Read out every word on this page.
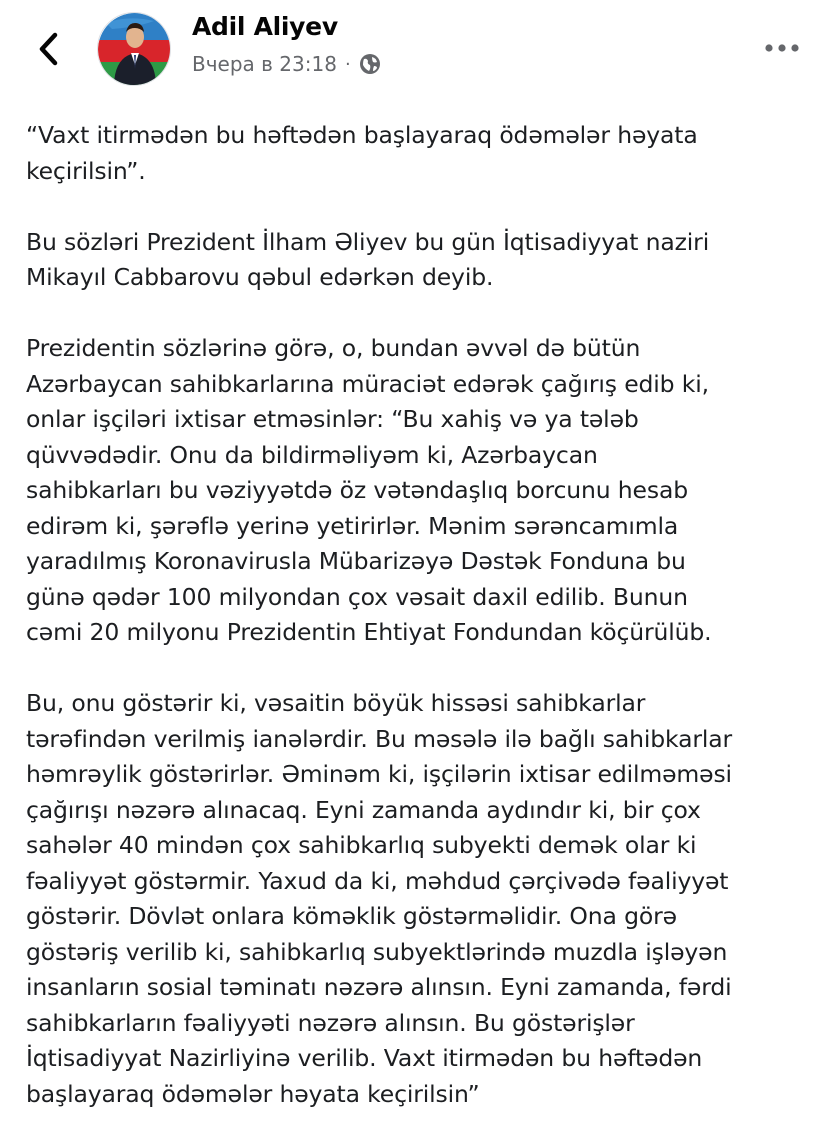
Adil Aliyev
Вчера в 23:18 ·
“Vaxt itirmədən bu həftədən başlayaraq ödəmələr həyata
keçirilsin”.
Bu sözləri Prezident İlham Əliyev bu gün İqtisadiyyat naziri
Mikayıl Cabbarovu qəbul edərkən deyib.
Prezidentin sözlərinə görə, o, bundan əvvəl də bütün
Azərbaycan sahibkarlarına müraciət edərək çağırış edib ki,
onlar işçiləri ixtisar etməsinlər: “Bu xahiş və ya tələb
qüvvədədir. Onu da bildirməliyəm ki, Azərbaycan
sahibkarları bu vəziyyətdə öz vətəndaşlıq borcunu hesab
edirəm ki, şərəflə yerinə yetirirlər. Mənim sərəncamımla
yaradılmış Koronavirusla Mübarizəyə Dəstək Fonduna bu
günə qədər 100 milyondan çox vəsait daxil edilib. Bunun
cəmi 20 milyonu Prezidentin Ehtiyat Fondundan köçürülüb.
Bu, onu göstərir ki, vəsaitin böyük hissəsi sahibkarlar
tərəfindən verilmiş ianələrdir. Bu məsələ ilə bağlı sahibkarlar
həmrəylik göstərirlər. Əminəm ki, işçilərin ixtisar edilməməsi
çağırışı nəzərə alınacaq. Eyni zamanda aydındır ki, bir çox
sahələr 40 mindən çox sahibkarlıq subyekti demək olar ki
fəaliyyət göstərmir. Yaxud da ki, məhdud çərçivədə fəaliyyət
göstərir. Dövlət onlara köməklik göstərməlidir. Ona görə
göstəriş verilib ki, sahibkarlıq subyektlərində muzdla işləyən
insanların sosial təminatı nəzərə alınsın. Eyni zamanda, fərdi
sahibkarların fəaliyyəti nəzərə alınsın. Bu göstərişlər
İqtisadiyyat Nazirliyinə verilib. Vaxt itirmədən bu həftədən
başlayaraq ödəmələr həyata keçirilsin”
